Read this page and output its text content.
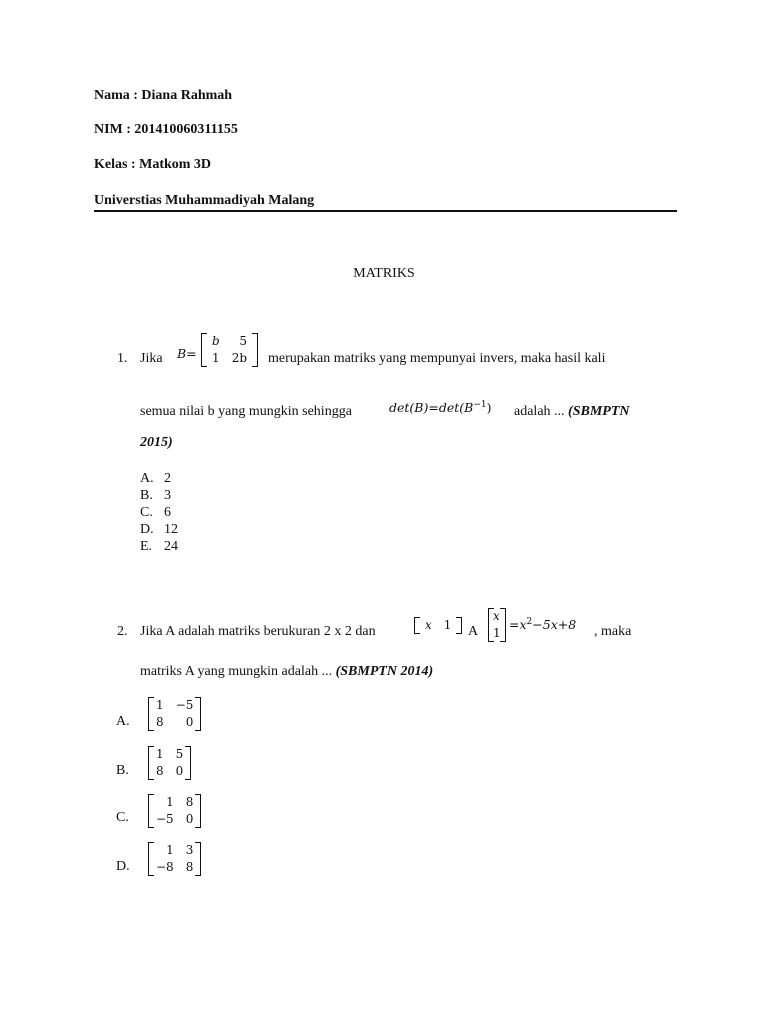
Nama : Diana Rahmah
NIM : 201410060311155
Kelas : Matkom 3D
Universtias Muhammadiyah Malang
MATRIKS
1. Jika B=
b	5
1	2b merupakan matriks yang mempunyai invers, maka hasil kali
semua nilai b yang mungkin sehingga	$\det(B)=\det(B^{-1})$ adalah ... (SBMPTN
2015)
A. 2
B. 3
C. 6
D. 12
E. 24
2. Jika A adalah matriks berukuran 2 x 2 dan	x	1 A
x
1
$=x^2-5x+8$ , maka
matriks A yang mungkin adalah ... (SBMPTN 2014)
A.
1	−5
8	0
B.
1	5
8	0
C.
1	8
−5	0
D.
1	3
−8	8
